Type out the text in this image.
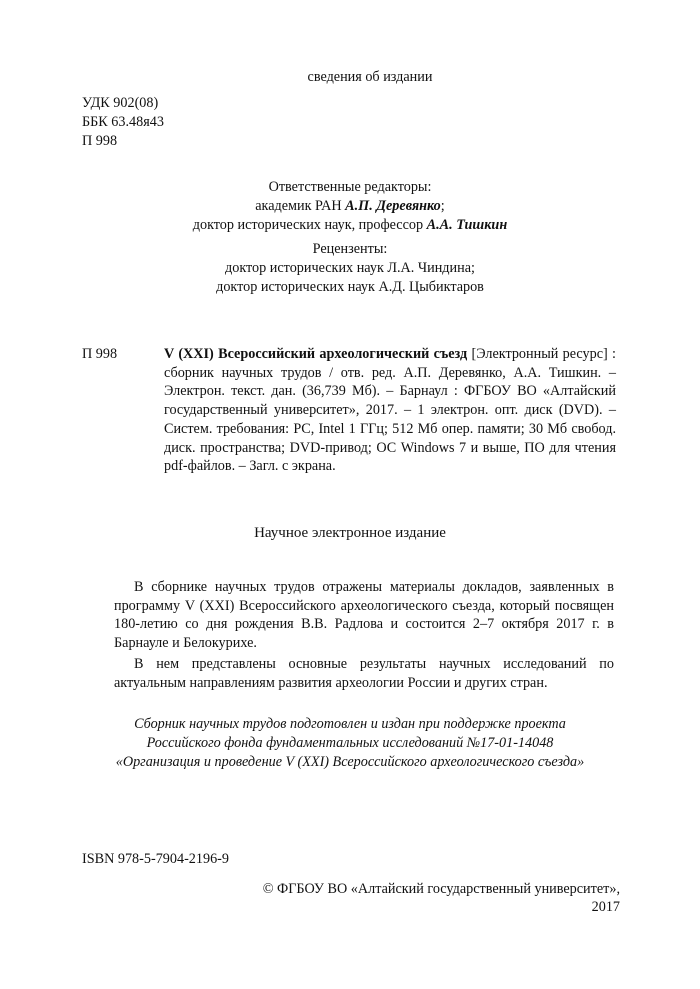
сведения об издании
УДК 902(08)
ББК 63.48я43
П 998
Ответственные редакторы:
академик РАН А.П. Деревянко;
доктор исторических наук, профессор А.А. Тишкин
Рецензенты:
доктор исторических наук Л.А. Чиндина;
доктор исторических наук А.Д. Цыбиктаров
П 998	V (XXI) Всероссийский археологический съезд [Электронный ресурс] : сборник научных трудов / отв. ред. А.П. Деревянко, А.А. Тишкин. – Электрон. текст. дан. (36,739 Мб). – Барнаул : ФГБОУ ВО «Алтайский государственный университет», 2017. – 1 электрон. опт. диск (DVD). – Систем. требования: PC, Intel 1 ГГц; 512 Мб опер. памяти; 30 Мб свобод. диск. пространства; DVD-привод; ОС Windows 7 и выше, ПО для чтения pdf-файлов. – Загл. с экрана.
Научное электронное издание

В сборнике научных трудов отражены материалы докладов, заявленных в программу V (XXI) Всероссийского археологического съезда, который посвящен 180-летию со дня рождения В.В. Радлова и состоится 2–7 октября 2017 г. в Барнауле и Белокурихе.

В нем представлены основные результаты научных исследований по актуальным направлениям развития археологии России и других стран.

Сборник научных трудов подготовлен и издан при поддержке проекта
Российского фонда фундаментальных исследований №17-01-14048
«Организация и проведение V (XXI) Всероссийского археологического съезда»
ISBN 978-5-7904-2196-9
© ФГБОУ ВО «Алтайский государственный университет», 2017
